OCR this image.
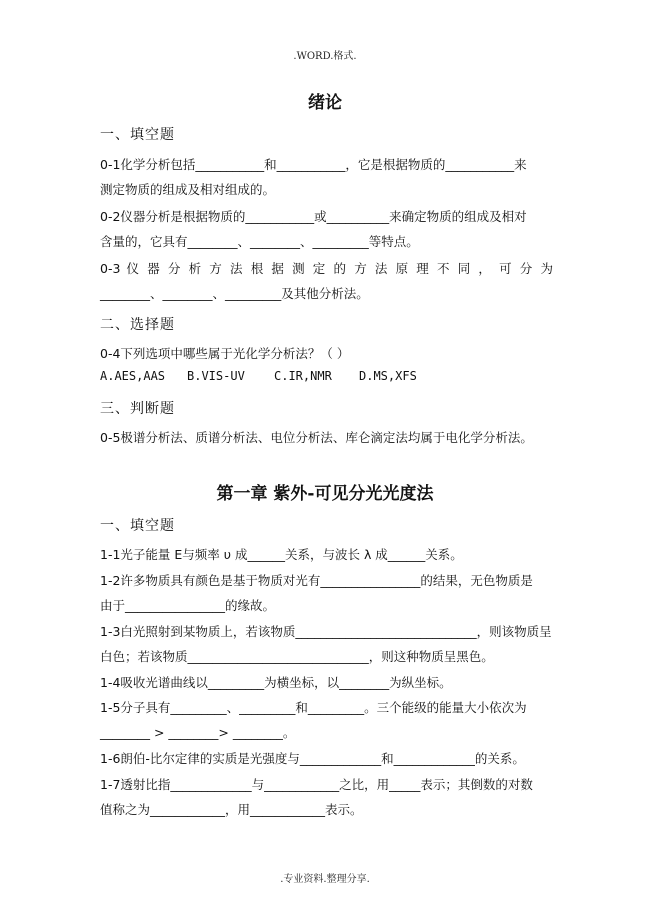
.WORD.格式.
绪论
一、填空题
0-1化学分析包括___________和___________，它是根据物质的___________来
测定物质的组成及相对组成的。
0-2仪器分析是根据物质的___________或__________来确定物质的组成及相对
含量的，它具有________、________、_________等特点。
0-3 仪 器 分 析 方 法 根 据 测 定 的 方 法 原 理 不 同 ， 可 分 为
________、________、_________及其他分析法。
二、选择题
0-4下列选项中哪些属于光化学分析法？（ ）
A.AES,AAS B.VIS-UV C.IR,NMR D.MS,XFS
三、判断题
0-5极谱分析法、质谱分析法、电位分析法、库仑滴定法均属于电化学分析法。
第一章 紫外-可见分光光度法
一、填空题
1-1光子能量 E与频率 υ 成______关系，与波长 λ 成______关系。
1-2许多物质具有颜色是基于物质对光有________________的结果，无色物质是
由于________________的缘故。
1-3白光照射到某物质上，若该物质_____________________________，则该物质呈
白色；若该物质_____________________________，则这种物质呈黑色。
1-4吸收光谱曲线以_________为横坐标，以________为纵坐标。
1-5分子具有_________、_________和_________。三个能级的能量大小依次为
________ > ________> ________。
1-6朗伯-比尔定律的实质是光强度与_____________和_____________的关系。
1-7透射比指_____________与____________之比，用_____表示；其倒数的对数
值称之为____________，用____________表示。
.专业资料.整理分享.
